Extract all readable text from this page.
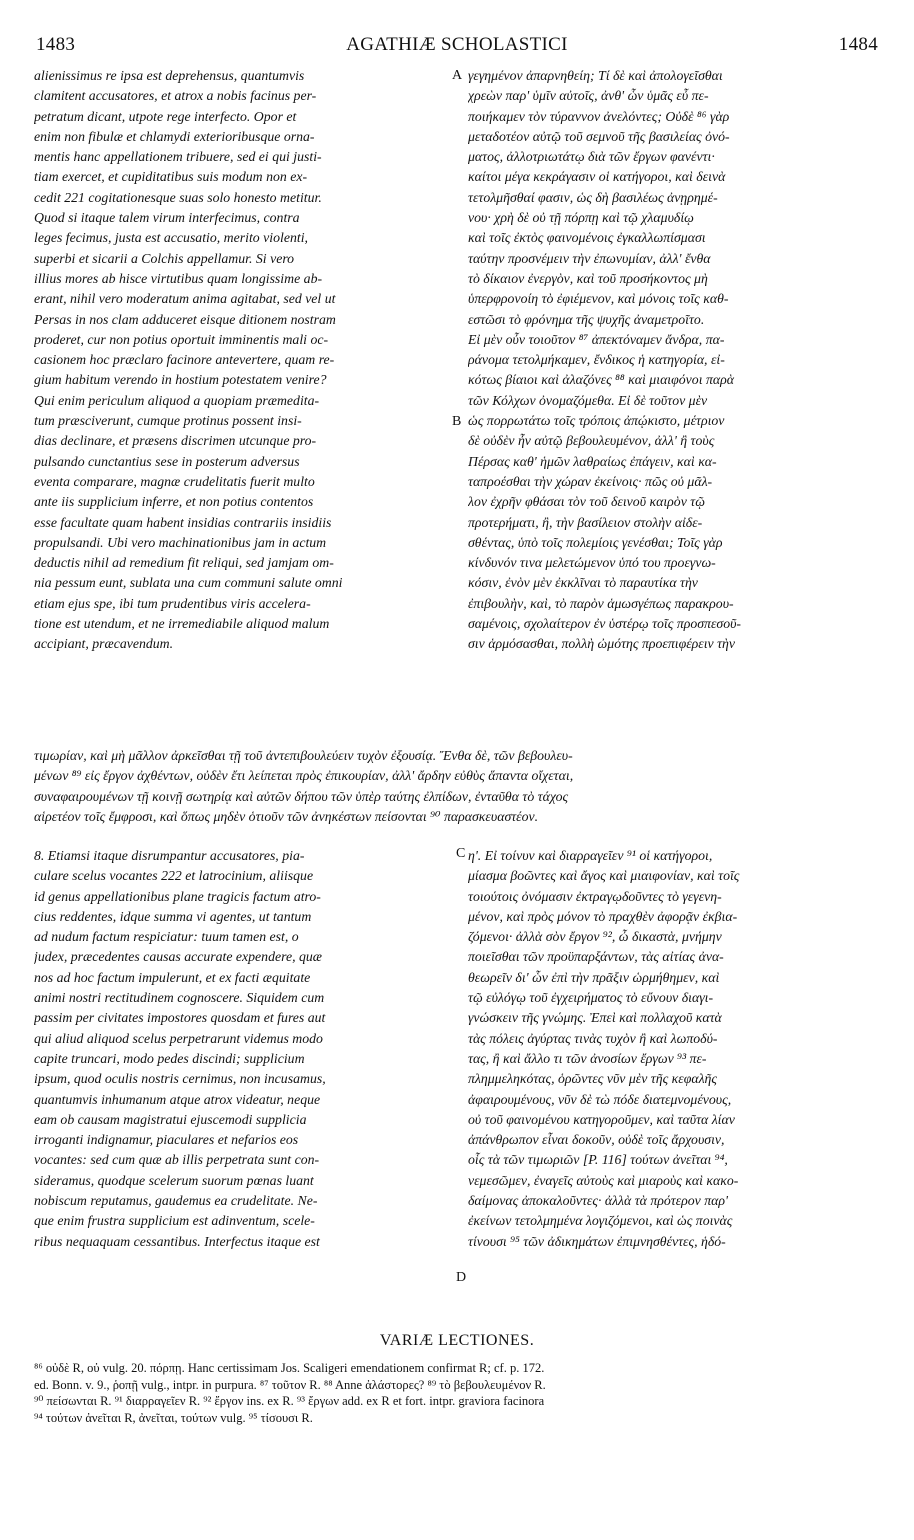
1483	AGATHIÆ SCHOLASTICI	1484
A
B
C
D
alienissimus re ipsa est deprehensus, quantumvis
clamitent accusatores, et atrox a nobis facinus per-
petratum dicant, utpote rege interfecto. Opor et
enim non fibulæ et chlamydi exterioribusque orna-
mentis hanc appellationem tribuere, sed ei qui justi-
tiam exercet, et cupiditatibus suis modum non ex-
cedit 221 cogitationesque suas solo honesto metitur.
Quod si itaque talem virum interfecimus, contra
leges fecimus, justa est accusatio, merito violenti,
superbi et sicarii a Colchis appellamur. Si vero
illius mores ab hisce virtutibus quam longissime ab-
erant, nihil vero moderatum anima agitabat, sed vel ut
Persas in nos clam adduceret eisque ditionem nostram
proderet, cur non potius oportuit imminentis mali oc-
casionem hoc præclaro facinore antevertere, quam re-
gium habitum verendo in hostium potestatem venire?
Qui enim periculum aliquod a quopiam præmedita-
tum præsciverunt, cumque protinus possent insi-
dias declinare, et præsens discrimen utcunque pro-
pulsando cunctantius sese in posterum adversus
eventa comparare, magnæ crudelitatis fuerit multo
ante iis supplicium inferre, et non potius contentos
esse facultate quam habent insidias contrariis insidiis
propulsandi. Ubi vero machinationibus jam in actum
deductis nihil ad remedium fit reliqui, sed jamjam om-
nia pessum eunt, sublata una cum communi salute omni
etiam ejus spe, ibi tum prudentibus viris accelera-
tione est utendum, et ne irremediabile aliquod malum
accipiant, præcavendum.
γεγημένον ἀπαρνηθείη; Τί δὲ καὶ ἀπολογεῖσθαι
χρεὼν παρ' ὑμῖν αὐτοῖς, ἀνθ' ὧν ὑμᾶς εὖ πε-
ποιήκαμεν τὸν τύραννον ἀνελόντες; Οὐδὲ ⁸⁶ γὰρ
μεταδοτέον αὐτῷ τοῦ σεμνοῦ τῆς βασιλείας ὀνό-
ματος, ἀλλοτριωτάτῳ διὰ τῶν ἔργων φανέντι·
καίτοι μέγα κεκράγασιν οἱ κατήγοροι, καὶ δεινὰ
τετολμῆσθαί φασιν, ὡς δὴ βασιλέως ἀνῃρημέ-
νου· χρὴ δὲ οὐ τῇ πόρπῃ καὶ τῷ χλαμυδίῳ
καὶ τοῖς ἐκτὸς φαινομένοις ἐγκαλλωπίσμασι
ταύτην προσνέμειν τὴν ἐπωνυμίαν, ἀλλ' ἔνθα
τὸ δίκαιον ἐνεργὸν, καὶ τοῦ προσήκοντος μὴ
ὑπερφρονοίη τὸ ἐφιέμενον, καὶ μόνοις τοῖς καθ-
εστῶσι τὸ φρόνημα τῆς ψυχῆς ἀναμετροῖτο.
Εἰ μὲν οὖν τοιοῦτον ⁸⁷ ἀπεκτόναμεν ἄνδρα, πα-
ράνομα τετολμήκαμεν, ἔνδικος ἡ κατηγορία, εἰ-
κότως βίαιοι καὶ ἀλαζόνες ⁸⁸ καὶ μιαιφόνοι παρὰ
τῶν Κόλχων ὀνομαζόμεθα. Εἰ δὲ τοῦτον μὲν
ὡς πορρωτάτω τοῖς τρόποις ἀπῴκιστο, μέτριον
δὲ οὐδὲν ἦν αὐτῷ βεβουλευμένον, ἀλλ' ἢ τοὺς
Πέρσας καθ' ἡμῶν λαθραίως ἐπάγειν, καὶ κα-
ταπροέσθαι τὴν χώραν ἐκείνοις· πῶς οὐ μᾶλ-
λον ἐχρῆν φθάσαι τὸν τοῦ δεινοῦ καιρὸν τῷ
προτερήματι, ἢ, τὴν βασίλειον στολὴν αἰδε-
σθέντας, ὑπὸ τοῖς πολεμίοις γενέσθαι; Τοῖς γὰρ
κίνδυνόν τινα μελετώμενον ὑπό του προεγνω-
κόσιν, ἐνὸν μὲν ἐκκλῖναι τὸ παραυτίκα τὴν
ἐπιβουλὴν, καὶ, τὸ παρὸν ἁμωσγέπως παρακρου-
σαμένοις, σχολαίτερον ἐν ὑστέρῳ τοῖς προσπεσοῦ-
σιν ἁρμόσασθαι, πολλὴ ὠμότης προεπιφέρειν τὴν
τιμωρίαν, καὶ μὴ μᾶλλον ἀρκεῖσθαι τῇ τοῦ ἀντεπιβουλεύειν τυχὸν ἐξουσίᾳ. Ἔνθα δὲ, τῶν βεβουλευ-
μένων ⁸⁹ εἰς ἔργον ἀχθέντων, οὐδὲν ἔτι λείπεται πρὸς ἐπικουρίαν, ἀλλ' ἄρδην εὐθὺς ἅπαντα οἴχεται,
συναφαιρουμένων τῇ κοινῇ σωτηρίᾳ καὶ αὐτῶν δήπου τῶν ὑπὲρ ταύτης ἐλπίδων, ἐνταῦθα τὸ τάχος
αἱρετέον τοῖς ἔμφροσι, καὶ ὅπως μηδὲν ὁτιοῦν τῶν ἀνηκέστων πείσονται ⁹⁰ παρασκευαστέον.
8. Etiamsi itaque disrumpantur accusatores, pia-
culare scelus vocantes 222 et latrocinium, aliisque
id genus appellationibus plane tragicis factum atro-
cius reddentes, idque summa vi agentes, ut tantum
ad nudum factum respiciatur: tuum tamen est, o
judex, præcedentes causas accurate expendere, quæ
nos ad hoc factum impulerunt, et ex facti æquitate
animi nostri rectitudinem cognoscere. Siquidem cum
passim per civitates impostores quosdam et fures aut
qui aliud aliquod scelus perpetrarunt videmus modo
capite truncari, modo pedes discindi; supplicium
ipsum, quod oculis nostris cernimus, non incusamus,
quantumvis inhumanum atque atrox videatur, neque
eam ob causam magistratui ejuscemodi supplicia
irroganti indignamur, piaculares et nefarios eos
vocantes: sed cum quæ ab illis perpetrata sunt con-
sideramus, quodque scelerum suorum pœnas luant
nobiscum reputamus, gaudemus ea crudelitate. Ne-
que enim frustra supplicium est adinventum, scele-
ribus nequaquam cessantibus. Interfectus itaque est
η'. Εἰ τοίνυν καὶ διαρραγεῖεν ⁹¹ οἱ κατήγοροι,
μίασμα βοῶντες καὶ ἄγος καὶ μιαιφονίαν, καὶ τοῖς
τοιούτοις ὀνόμασιν ἐκτραγῳδοῦντες τὸ γεγενη-
μένον, καὶ πρὸς μόνον τὸ πραχθὲν ἀφορᾷν ἐκβια-
ζόμενοι· ἀλλὰ σὸν ἔργον ⁹², ὦ δικαστὰ, μνήμην
ποιεῖσθαι τῶν προϋπαρξάντων, τὰς αἰτίας ἀνα-
θεωρεῖν δι' ὧν ἐπὶ τὴν πρᾶξιν ὡρμήθημεν, καὶ
τῷ εὐλόγῳ τοῦ ἐγχειρήματος τὸ εὔνουν διαγι-
γνώσκειν τῆς γνώμης. Ἐπεὶ καὶ πολλαχοῦ κατὰ
τὰς πόλεις ἀγύρτας τινὰς τυχὸν ἢ καὶ λωποδύ-
τας, ἢ καὶ ἄλλο τι τῶν ἀνοσίων ἔργων ⁹³ πε-
πλημμεληκότας, ὁρῶντες νῦν μὲν τῆς κεφαλῆς
ἀφαιρουμένους, νῦν δὲ τὼ πόδε διατεμνομένους,
οὐ τοῦ φαινομένου κατηγοροῦμεν, καὶ ταῦτα λίαν
ἀπάνθρωπον εἶναι δοκοῦν, οὐδὲ τοῖς ἄρχουσιν,
οἷς τὰ τῶν τιμωριῶν [P. 116] τούτων ἀνεῖται ⁹⁴,
νεμεσῶμεν, ἐναγεῖς αὐτοὺς καὶ μιαροὺς καὶ κακο-
δαίμονας ἀποκαλοῦντες· ἀλλὰ τὰ πρότερον παρ'
ἐκείνων τετολμημένα λογιζόμενοι, καὶ ὡς ποινὰς
τίνουσι ⁹⁵ τῶν ἀδικημάτων ἐπιμνησθέντες, ἡδό-
VARIÆ LECTIONES.
⁸⁶ οὐδὲ R, οὐ vulg. 20. πόρπῃ. Hanc certissimam Jos. Scaligeri emendationem confirmat R; cf. p. 172.
ed. Bonn. v. 9., ῥοπῇ vulg., intpr. in purpura. ⁸⁷ τοῦτον R. ⁸⁸ Anne ἀλάστορες? ⁸⁹ τὸ βεβουλευμένον R.
⁹⁰ πείσωνται R. ⁹¹ διαρραγεῖεν R. ⁹² ἔργον ins. ex R. ⁹³ ἔργων add. ex R et fort. intpr. graviora facinora
⁹⁴ τούτων ἀνεῖται R, ἀνεῖται, τούτων vulg. ⁹⁵ τίσουσι R.
